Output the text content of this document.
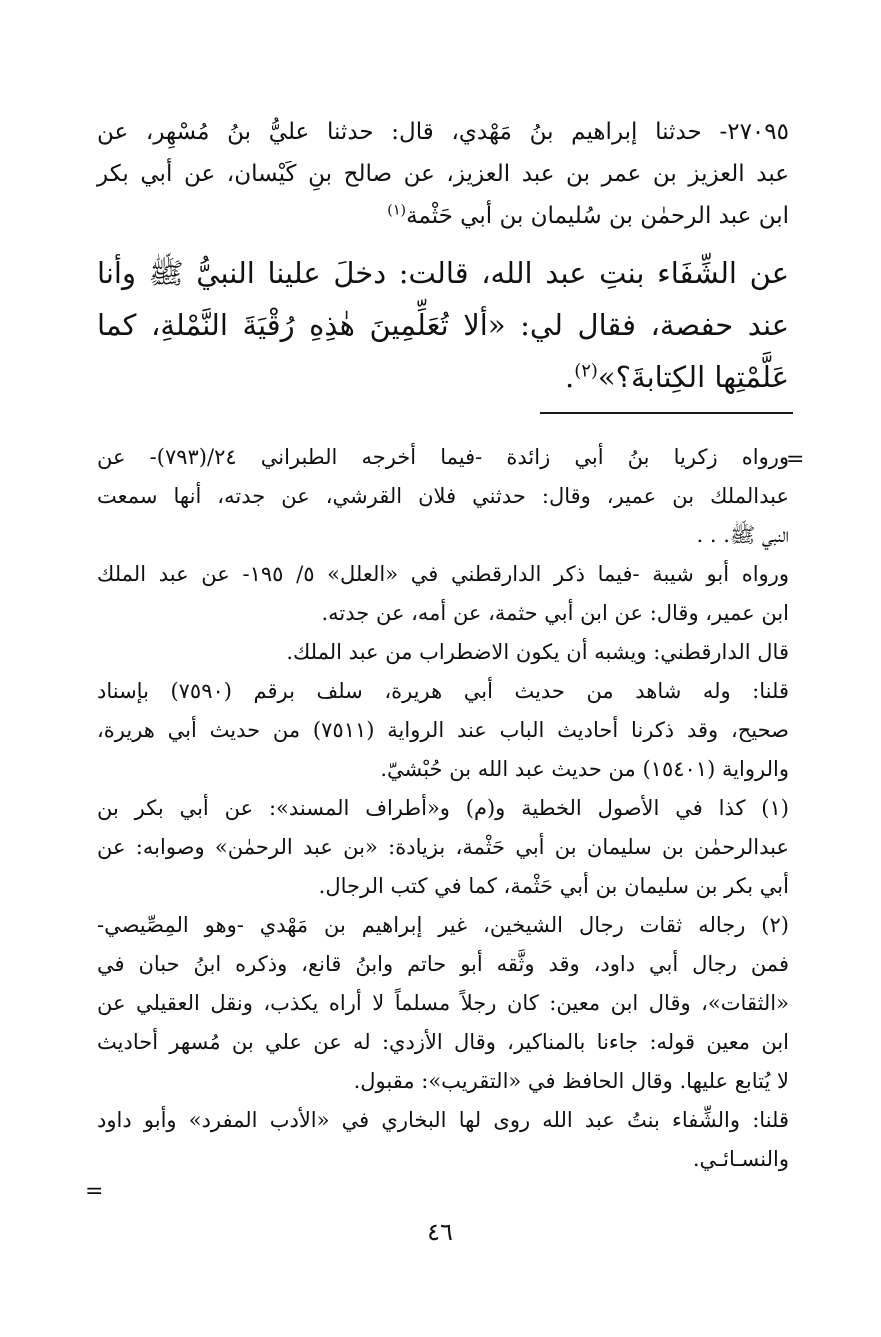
٢٧٠٩٥- حدثنا إبراهيم بنُ مَهْدي، قال: حدثنا عليُّ بنُ مُسْهِر، عن
عبد العزيز بن عمر بن عبد العزيز، عن صالح بنِ كَيْسان، عن أبي بكر
ابن عبد الرحمٰن بن سُليمان بن أبي حَثْمة$^{(١)}$
عن الشِّفَاء بنتِ عبد الله، قالت: دخلَ علينا النبيُّ ﷺ وأنا
عند حفصة، فقال لي: «ألا تُعَلِّمِينَ هٰذِهِ رُقْيَةَ النَّمْلةِ، كما
عَلَّمْتِها الكِتابةَ؟»$^{(٢)}$.
=
ورواه زكريا بنُ أبي زائدة -فيما أخرجه الطبراني ٢٤/(٧٩٣)- عن
عبدالملك بن عمير، وقال: حدثني فلان القرشي، عن جدته، أنها سمعت
النبي ﷺ. . .
ورواه أبو شيبة -فيما ذكر الدارقطني في «العلل» ٥/ ١٩٥- عن عبد الملك
ابن عمير، وقال: عن ابن أبي حثمة، عن أمه، عن جدته.
قال الدارقطني: ويشبه أن يكون الاضطراب من عبد الملك.
قلنا: وله شاهد من حديث أبي هريرة، سلف برقم (٧٥٩٠) بإسناد
صحيح، وقد ذكرنا أحاديث الباب عند الرواية (٧٥١١) من حديث أبي هريرة،
والرواية (١٥٤٠١) من حديث عبد الله بن حُبْشيّ.
(١) كذا في الأصول الخطية و(م) و«أطراف المسند»: عن أبي بكر بن
عبدالرحمٰن بن سليمان بن أبي حَثْمة، بزيادة: «بن عبد الرحمٰن» وصوابه: عن
أبي بكر بن سليمان بن أبي حَثْمة، كما في كتب الرجال.
(٢) رجاله ثقات رجال الشيخين، غير إبراهيم بن مَهْدي -وهو المِصِّيصي-
فمن رجال أبي داود، وقد وثَّقه أبو حاتم وابنُ قانع، وذكره ابنُ حبان في
«الثقات»، وقال ابن معين: كان رجلاً مسلماً لا أراه يكذب، ونقل العقيلي عن
ابن معين قوله: جاءنا بالمناكير، وقال الأزدي: له عن علي بن مُسهر أحاديث
لا يُتابع عليها. وقال الحافظ في «التقريب»: مقبول.
قلنا: والشِّفاء بنتُ عبد الله روى لها البخاري في «الأدب المفرد» وأبو داود
والنسـائـي.
=
٤٦
